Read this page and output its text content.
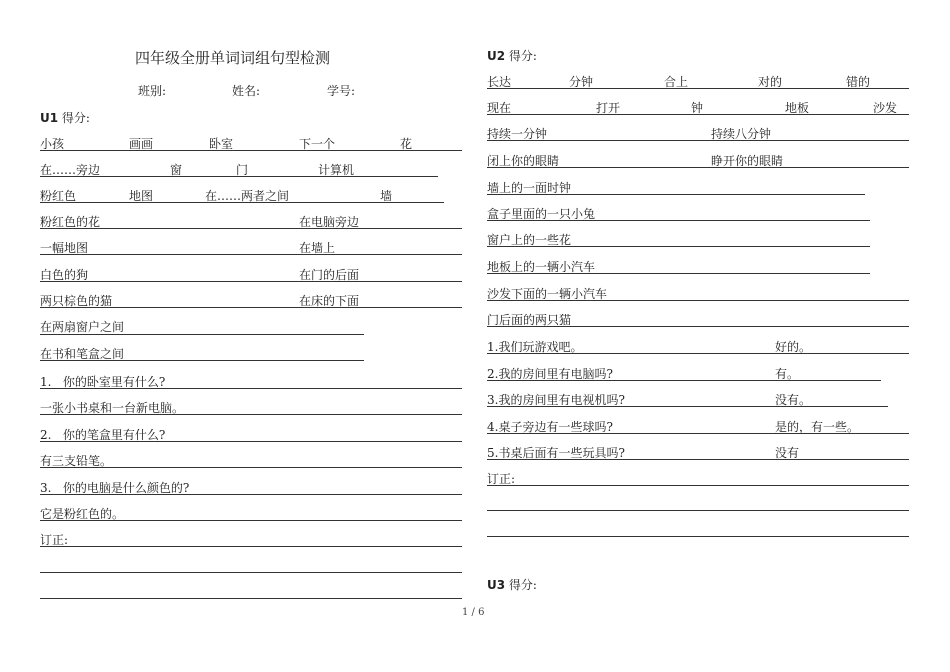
四年级全册单词词组句型检测
班别:	姓名:	学号:
U1 得分:
小孩	画画	卧室	下一个	花
在……旁边	窗	门	计算机
粉红色	地图	在……两者之间	墙
粉红色的花	在电脑旁边
一幅地图	在墙上
白色的狗	在门的后面
两只棕色的猫	在床的下面
在两扇窗户之间
在书和笔盒之间
1. 你的卧室里有什么?
一张小书桌和一台新电脑。
2. 你的笔盒里有什么?
有三支铅笔。
3. 你的电脑是什么颜色的?
它是粉红色的。
订正:
U2 得分:
长达	分钟	合上	对的	错的
现在	打开	钟	地板	沙发
持续一分钟	持续八分钟
闭上你的眼睛	睁开你的眼睛
墙上的一面时钟
盒子里面的一只小兔
窗户上的一些花
地板上的一辆小汽车
沙发下面的一辆小汽车
门后面的两只猫
1.我们玩游戏吧。	好的。
2.我的房间里有电脑吗?	有。
3.我的房间里有电视机吗?	没有。
4.桌子旁边有一些球吗?	是的，有一些。
5.书桌后面有一些玩具吗?	没有
订正:
U3 得分:
1 / 6
